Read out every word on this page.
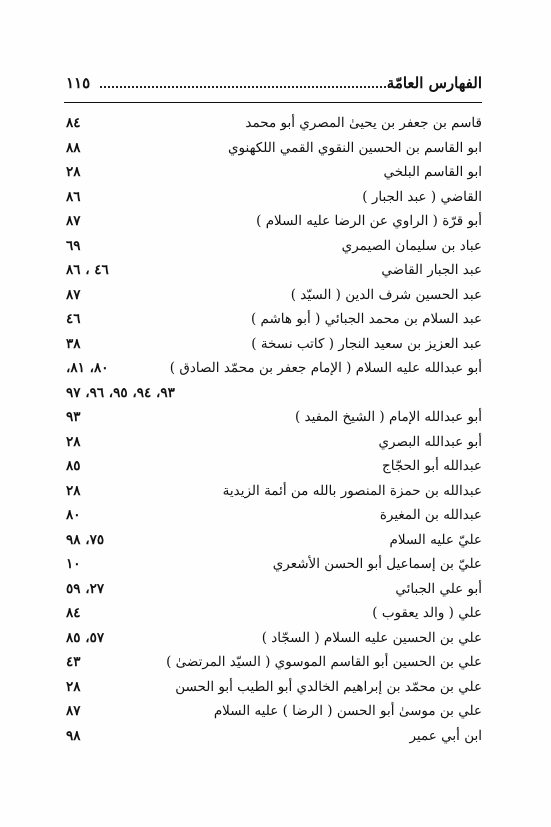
الفهارس العامّة
١١٥
قاسم بن جعفر بن يحيىٰ المصري أبو محمد
٨٤
ابو القاسم بن الحسين النقوي القمي اللكهنوي
٨٨
ابو القاسم البلخي
٢٨
القاضي ( عبد الجبار )
٨٦
أبو قرّة ( الراوي عن الرضا عليه السلام )
٨٧
عباد بن سليمان الصيمري
٦٩
عبد الجبار القاضي
٤٦ ، ٨٦
عبد الحسين شرف الدين ( السيّد )
٨٧
عبد السلام بن محمد الجبائي ( أبو هاشم )
٤٦
عبد العزيز بن سعيد النجار ( كاتب نسخة )
٣٨
أبو عبدالله عليه السلام ( الإمام جعفر بن محمّد الصادق )
٨٠، ٨١،
٩٣، ٩٤، ٩٥، ٩٦، ٩٧
أبو عبدالله الإمام ( الشيخ المفيد )
٩٣
أبو عبدالله البصري
٢٨
عبدالله أبو الحجّاج
٨٥
عبدالله بن حمزة المنصور بالله من أئمة الزيدية
٢٨
عبدالله بن المغيرة
٨٠
عليّ عليه السلام
٧٥، ٩٨
عليّ بن إسماعيل أبو الحسن الأشعري
١٠
أبو علي الجبائي
٢٧، ٥٩
علي ( والد يعقوب )
٨٤
علي بن الحسين عليه السلام ( السجّاد )
٥٧، ٨٥
علي بن الحسين أبو القاسم الموسوي ( السيّد المرتضىٰ )
٤٣
علي بن محمّد بن إبراهيم الخالدي أبو الطيب أبو الحسن
٢٨
علي بن موسىٰ أبو الحسن ( الرضا ) عليه السلام
٨٧
ابن أبي عمير
٩٨
